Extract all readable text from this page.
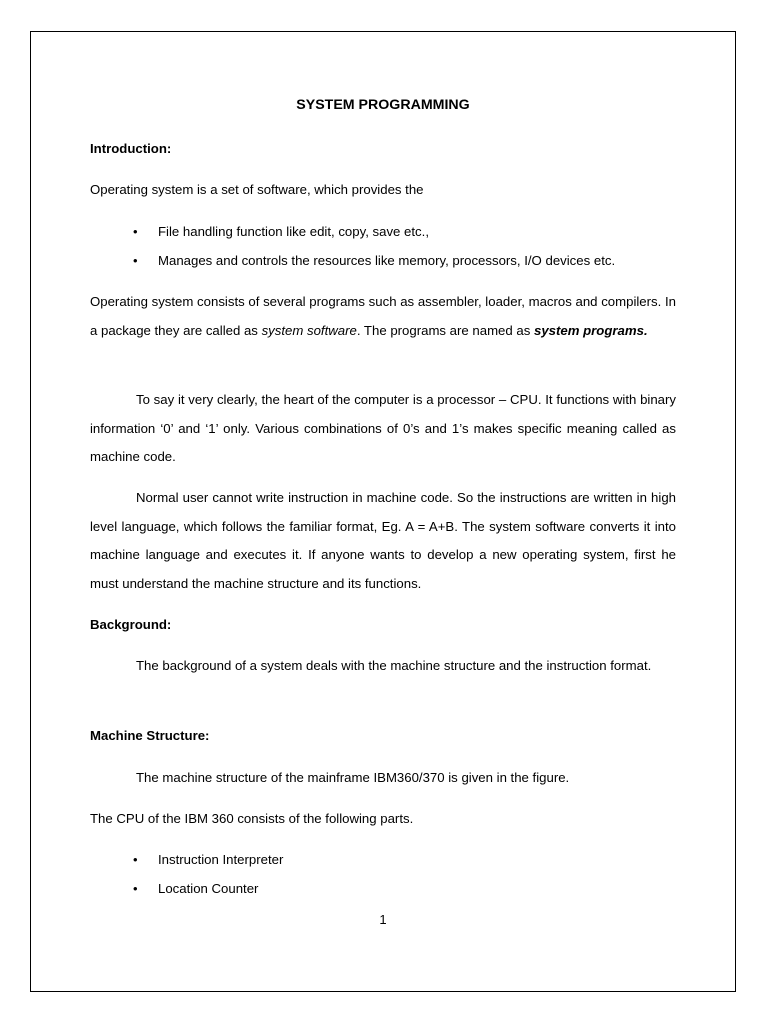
SYSTEM PROGRAMMING

Introduction:

Operating system is a set of software, which provides the

• File handling function like edit, copy, save etc.,
• Manages and controls the resources like memory, processors, I/O devices etc.

Operating system consists of several programs such as assembler, loader, macros and compilers. In a package they are called as system software. The programs are named as system programs.

To say it very clearly, the heart of the computer is a processor – CPU. It functions with binary information ‘0’ and ‘1’ only. Various combinations of 0’s and 1’s makes specific meaning called as machine code.

Normal user cannot write instruction in machine code. So the instructions are written in high level language, which follows the familiar format, Eg. A = A+B. The system software converts it into machine language and executes it. If anyone wants to develop a new operating system, first he must understand the machine structure and its functions.

Background:

The background of a system deals with the machine structure and the instruction format.

Machine Structure:

The machine structure of the mainframe IBM360/370 is given in the figure.

The CPU of the IBM 360 consists of the following parts.

• Instruction Interpreter
• Location Counter

1
